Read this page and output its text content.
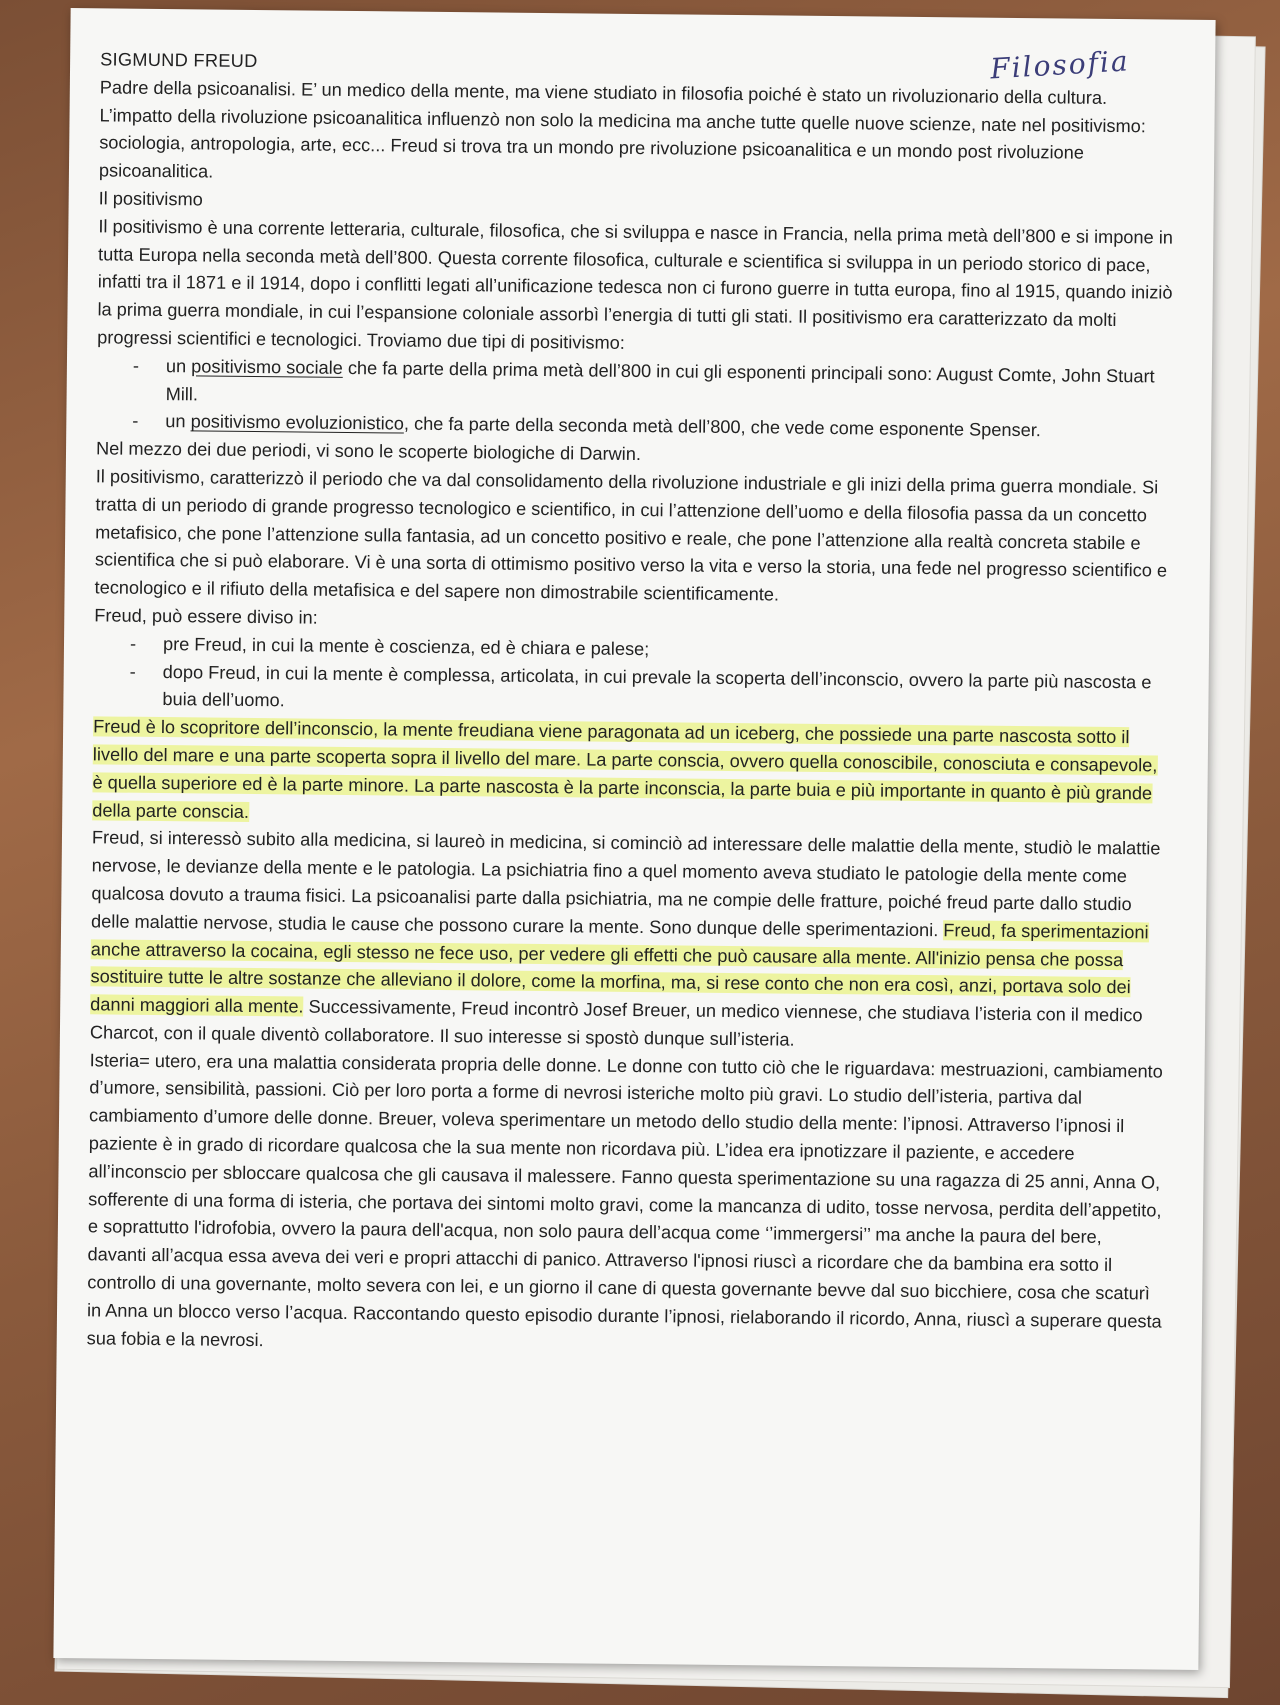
Filosofia

SIGMUND FREUD

Padre della psicoanalisi. E’ un medico della mente, ma viene studiato in filosofia poiché è stato un rivoluzionario della cultura. L’impatto della rivoluzione psicoanalitica influenzò non solo la medicina ma anche tutte quelle nuove scienze, nate nel positivismo: sociologia, antropologia, arte, ecc... Freud si trova tra un mondo pre rivoluzione psicoanalitica e un mondo post rivoluzione psicoanalitica.

Il positivismo

Il positivismo è una corrente letteraria, culturale, filosofica, che si sviluppa e nasce in Francia, nella prima metà dell’800 e si impone in tutta Europa nella seconda metà dell’800. Questa corrente filosofica, culturale e scientifica si sviluppa in un periodo storico di pace, infatti tra il 1871 e il 1914, dopo i conflitti legati all’unificazione tedesca non ci furono guerre in tutta europa, fino al 1915, quando iniziò la prima guerra mondiale, in cui l’espansione coloniale assorbì l’energia di tutti gli stati. Il positivismo era caratterizzato da molti progressi scientifici e tecnologici. Troviamo due tipi di positivismo:

- un positivismo sociale che fa parte della prima metà dell’800 in cui gli esponenti principali sono: August Comte, John Stuart Mill.
- un positivismo evoluzionistico, che fa parte della seconda metà dell’800, che vede come esponente Spenser.

Nel mezzo dei due periodi, vi sono le scoperte biologiche di Darwin.

Il positivismo, caratterizzò il periodo che va dal consolidamento della rivoluzione industriale e gli inizi della prima guerra mondiale. Si tratta di un periodo di grande progresso tecnologico e scientifico, in cui l’attenzione dell’uomo e della filosofia passa da un concetto metafisico, che pone l’attenzione sulla fantasia, ad un concetto positivo e reale, che pone l’attenzione alla realtà concreta stabile e scientifica che si può elaborare. Vi è una sorta di ottimismo positivo verso la vita e verso la storia, una fede nel progresso scientifico e tecnologico e il rifiuto della metafisica e del sapere non dimostrabile scientificamente.

Freud, può essere diviso in:

- pre Freud, in cui la mente è coscienza, ed è chiara e palese;
- dopo Freud, in cui la mente è complessa, articolata, in cui prevale la scoperta dell’inconscio, ovvero la parte più nascosta e buia dell’uomo.

Freud è lo scopritore dell’inconscio, la mente freudiana viene paragonata ad un iceberg, che possiede una parte nascosta sotto il livello del mare e una parte scoperta sopra il livello del mare. La parte conscia, ovvero quella conoscibile, conosciuta e consapevole, è quella superiore ed è la parte minore. La parte nascosta è la parte inconscia, la parte buia e più importante in quanto è più grande della parte conscia.

Freud, si interessò subito alla medicina, si laureò in medicina, si cominciò ad interessare delle malattie della mente, studiò le malattie nervose, le devianze della mente e le patologia. La psichiatria fino a quel momento aveva studiato le patologie della mente come qualcosa dovuto a trauma fisici. La psicoanalisi parte dalla psichiatria, ma ne compie delle fratture, poiché freud parte dallo studio delle malattie nervose, studia le cause che possono curare la mente. Sono dunque delle sperimentazioni. Freud, fa sperimentazioni anche attraverso la cocaina, egli stesso ne fece uso, per vedere gli effetti che può causare alla mente. All'inizio pensa che possa sostituire tutte le altre sostanze che alleviano il dolore, come la morfina, ma, si rese conto che non era così, anzi, portava solo dei danni maggiori alla mente. Successivamente, Freud incontrò Josef Breuer, un medico viennese, che studiava l’isteria con il medico Charcot, con il quale diventò collaboratore. Il suo interesse si spostò dunque sull’isteria.

Isteria= utero, era una malattia considerata propria delle donne. Le donne con tutto ciò che le riguardava: mestruazioni, cambiamento d’umore, sensibilità, passioni. Ciò per loro porta a forme di nevrosi isteriche molto più gravi. Lo studio dell’isteria, partiva dal cambiamento d’umore delle donne. Breuer, voleva sperimentare un metodo dello studio della mente: l’ipnosi. Attraverso l’ipnosi il paziente è in grado di ricordare qualcosa che la sua mente non ricordava più. L’idea era ipnotizzare il paziente, e accedere all’inconscio per sbloccare qualcosa che gli causava il malessere. Fanno questa sperimentazione su una ragazza di 25 anni, Anna O, sofferente di una forma di isteria, che portava dei sintomi molto gravi, come la mancanza di udito, tosse nervosa, perdita dell’appetito, e soprattutto l'idrofobia, ovvero la paura dell'acqua, non solo paura dell’acqua come ‘’immergersi’’ ma anche la paura del bere, davanti all’acqua essa aveva dei veri e propri attacchi di panico. Attraverso l'ipnosi riuscì a ricordare che da bambina era sotto il controllo di una governante, molto severa con lei, e un giorno il cane di questa governante bevve dal suo bicchiere, cosa che scaturì in Anna un blocco verso l’acqua. Raccontando questo episodio durante l’ipnosi, rielaborando il ricordo, Anna, riuscì a superare questa sua fobia e la nevrosi.
